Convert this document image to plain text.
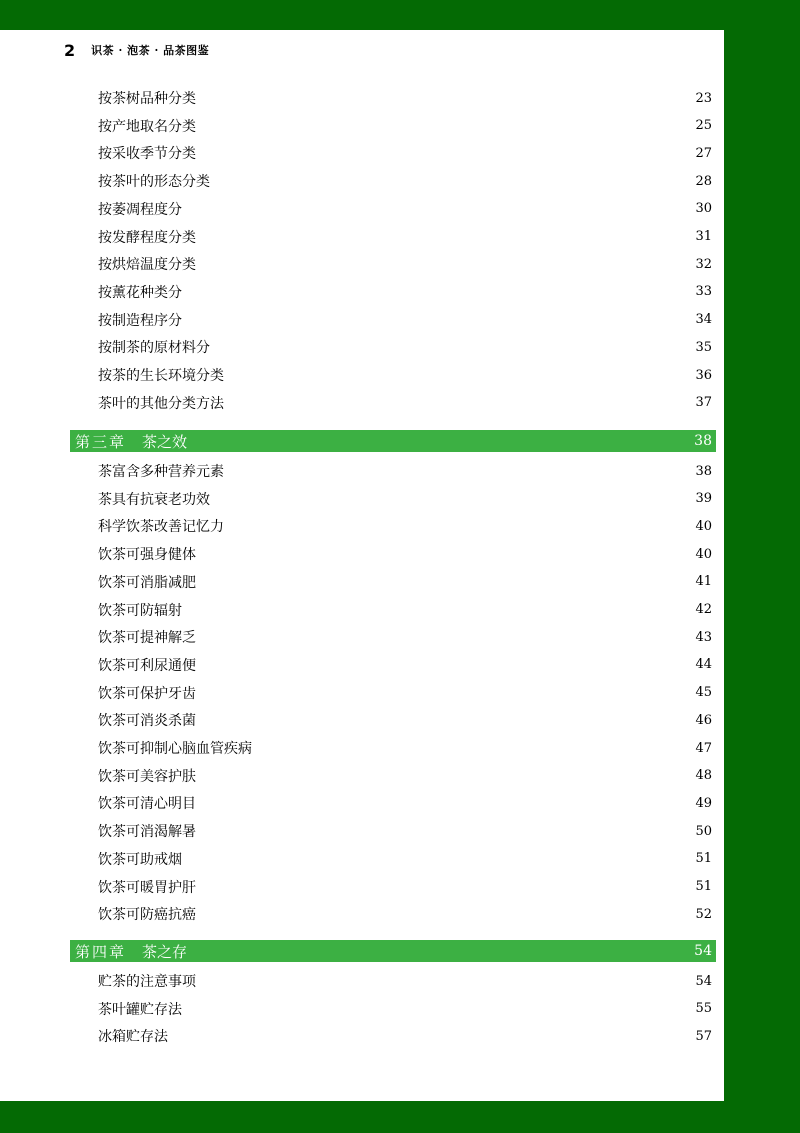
2 识茶 · 泡茶 · 品茶图鉴
按茶树品种分类	23
按产地取名分类	25
按采收季节分类	27
按茶叶的形态分类	28
按萎凋程度分	30
按发酵程度分类	31
按烘焙温度分类	32
按薰花种类分	33
按制造程序分	34
按制茶的原材料分	35
按茶的生长环境分类	36
茶叶的其他分类方法	37
第三章 茶之效	38
茶富含多种营养元素	38
茶具有抗衰老功效	39
科学饮茶改善记忆力	40
饮茶可强身健体	40
饮茶可消脂减肥	41
饮茶可防辐射	42
饮茶可提神解乏	43
饮茶可利尿通便	44
饮茶可保护牙齿	45
饮茶可消炎杀菌	46
饮茶可抑制心脑血管疾病	47
饮茶可美容护肤	48
饮茶可清心明目	49
饮茶可消渴解暑	50
饮茶可助戒烟	51
饮茶可暖胃护肝	51
饮茶可防癌抗癌	52
第四章 茶之存	54
贮茶的注意事项	54
茶叶罐贮存法	55
冰箱贮存法	57
